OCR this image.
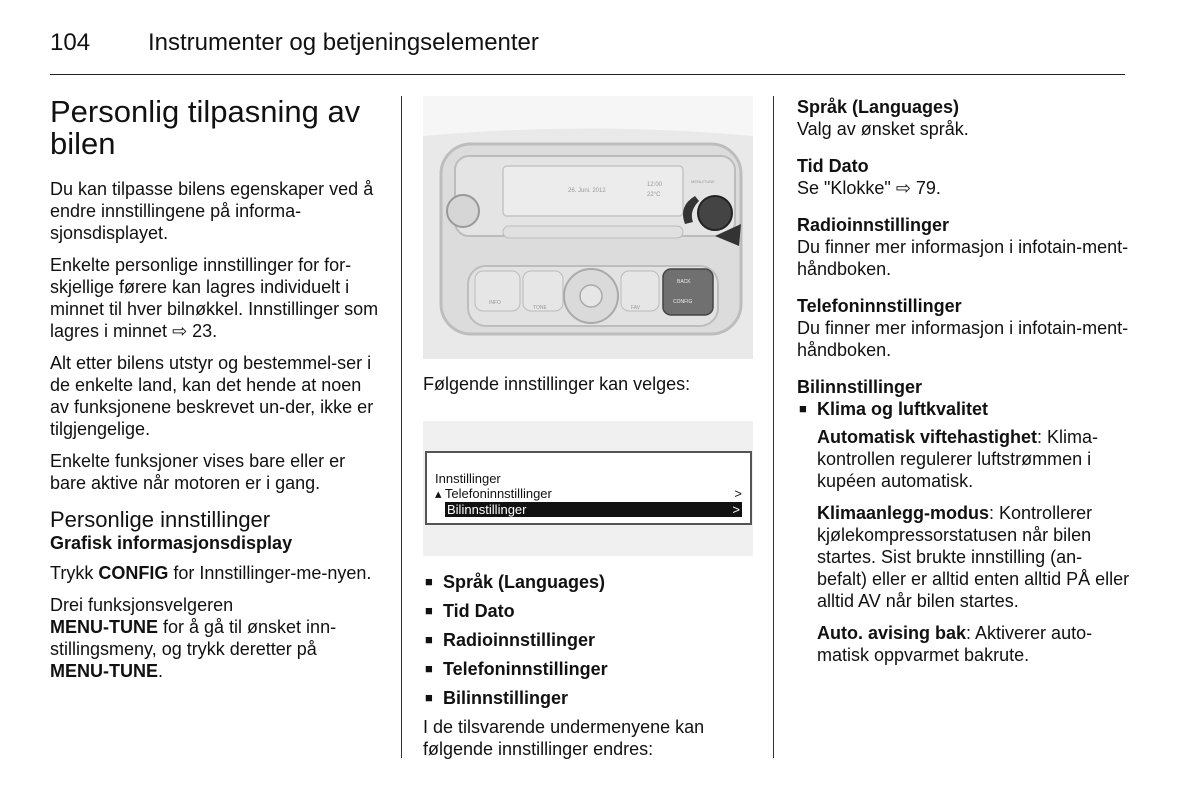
104 Instrumenter og betjeningselementer
Personlig tilpasning av bilen

Du kan tilpasse bilens egenskaper ved å endre innstillingene på informa-sjonsdisplayet.

Enkelte personlige innstillinger for for-skjellige førere kan lagres individuelt i minnet til hver bilnøkkel. Innstillinger som lagres i minnet ⇨ 23.

Alt etter bilens utstyr og bestemmel-ser i de enkelte land, kan det hende at noen av funksjonene beskrevet un-der, ikke er tilgjengelige.

Enkelte funksjoner vises bare eller er bare aktive når motoren er i gang.

Personlige innstillinger
Grafisk informasjonsdisplay

Trykk CONFIG for Innstillinger-me-nyen.

Drei funksjonsvelgeren
MENU-TUNE for å gå til ønsket inn-stillingsmeny, og trykk deretter på
MENU-TUNE.

26. Juni. 2012
12:00
22°C
MENU/TUNE
INFO
TONE	FAV
BACK
CONFIG
Følgende innstillinger kan velges:
Innstillinger
▴ Telefoninnstillinger	>
Bilinnstillinger	>
■ Språk (Languages)
■ Tid Dato
■ Radioinnstillinger
■ Telefoninnstillinger
■ Bilinnstillinger
I de tilsvarende undermenyene kan følgende innstillinger endres:
Språk (Languages)
Valg av ønsket språk.
Tid Dato
Se "Klokke" ⇨ 79.
Radioinnstillinger
Du finner mer informasjon i infotain-ment-håndboken.
Telefoninnstillinger
Du finner mer informasjon i infotain-ment-håndboken.
Bilinnstillinger
■ Klima og luftkvalitet

Automatisk viftehastighet: Klima-kontrollen regulerer luftstrømmen i kupéen automatisk.

Klimaanlegg-modus: Kontrollerer kjølekompressorstatusen når bilen startes. Sist brukte innstilling (an-befalt) eller er alltid enten alltid PÅ eller alltid AV når bilen startes.

Auto. avising bak: Aktiverer auto-matisk oppvarmet bakrute.
